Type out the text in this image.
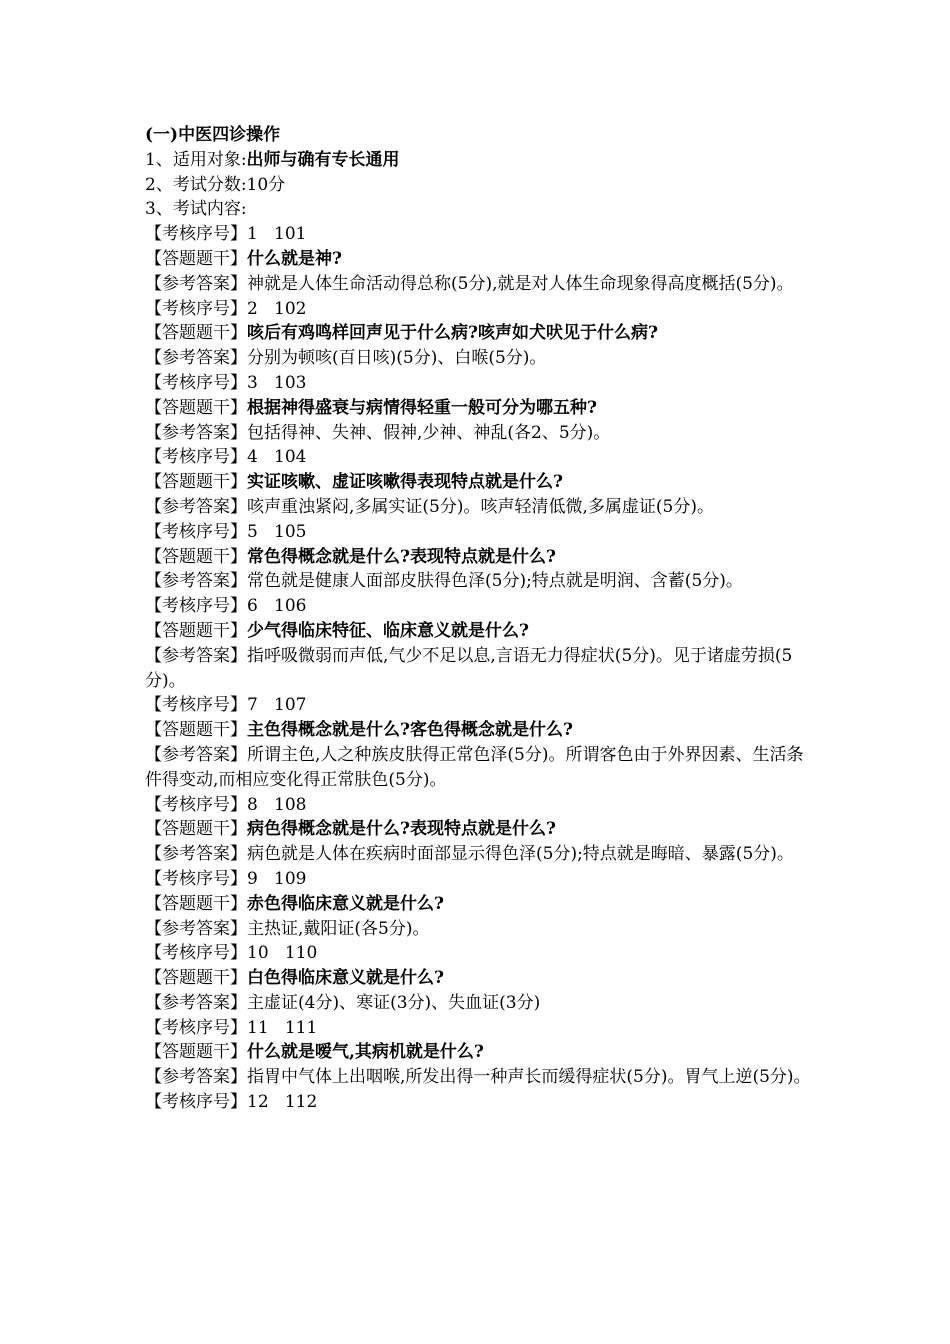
(一)中医四诊操作
1、适用对象:出师与确有专长通用
2、考试分数:10分
3、考试内容:
【考核序号】1 101
【答题题干】什么就是神?
【参考答案】神就是人体生命活动得总称(5分),就是对人体生命现象得高度概括(5分)。
【考核序号】2 102
【答题题干】咳后有鸡鸣样回声见于什么病?咳声如犬吠见于什么病?
【参考答案】分别为顿咳(百日咳)(5分)、白喉(5分)。
【考核序号】3 103
【答题题干】根据神得盛衰与病情得轻重一般可分为哪五种?
【参考答案】包括得神、失神、假神,少神、神乱(各2、5分)。
【考核序号】4 104
【答题题干】实证咳嗽、虚证咳嗽得表现特点就是什么?
【参考答案】咳声重浊紧闷,多属实证(5分)。咳声轻清低微,多属虚证(5分)。
【考核序号】5 105
【答题题干】常色得概念就是什么?表现特点就是什么?
【参考答案】常色就是健康人面部皮肤得色泽(5分);特点就是明润、含蓄(5分)。
【考核序号】6 106
【答题题干】少气得临床特征、临床意义就是什么?
【参考答案】指呼吸微弱而声低,气少不足以息,言语无力得症状(5分)。见于诸虚劳损(5分)。
【考核序号】7 107
【答题题干】主色得概念就是什么?客色得概念就是什么?
【参考答案】所谓主色,人之种族皮肤得正常色泽(5分)。所谓客色由于外界因素、生活条件得变动,而相应变化得正常肤色(5分)。
【考核序号】8 108
【答题题干】病色得概念就是什么?表现特点就是什么?
【参考答案】病色就是人体在疾病时面部显示得色泽(5分);特点就是晦暗、暴露(5分)。
【考核序号】9 109
【答题题干】赤色得临床意义就是什么?
【参考答案】主热证,戴阳证(各5分)。
【考核序号】10 110
【答题题干】白色得临床意义就是什么?
【参考答案】主虚证(4分)、寒证(3分)、失血证(3分)
【考核序号】11 111
【答题题干】什么就是嗳气,其病机就是什么?
【参考答案】指胃中气体上出咽喉,所发出得一种声长而缓得症状(5分)。胃气上逆(5分)。
【考核序号】12 112
